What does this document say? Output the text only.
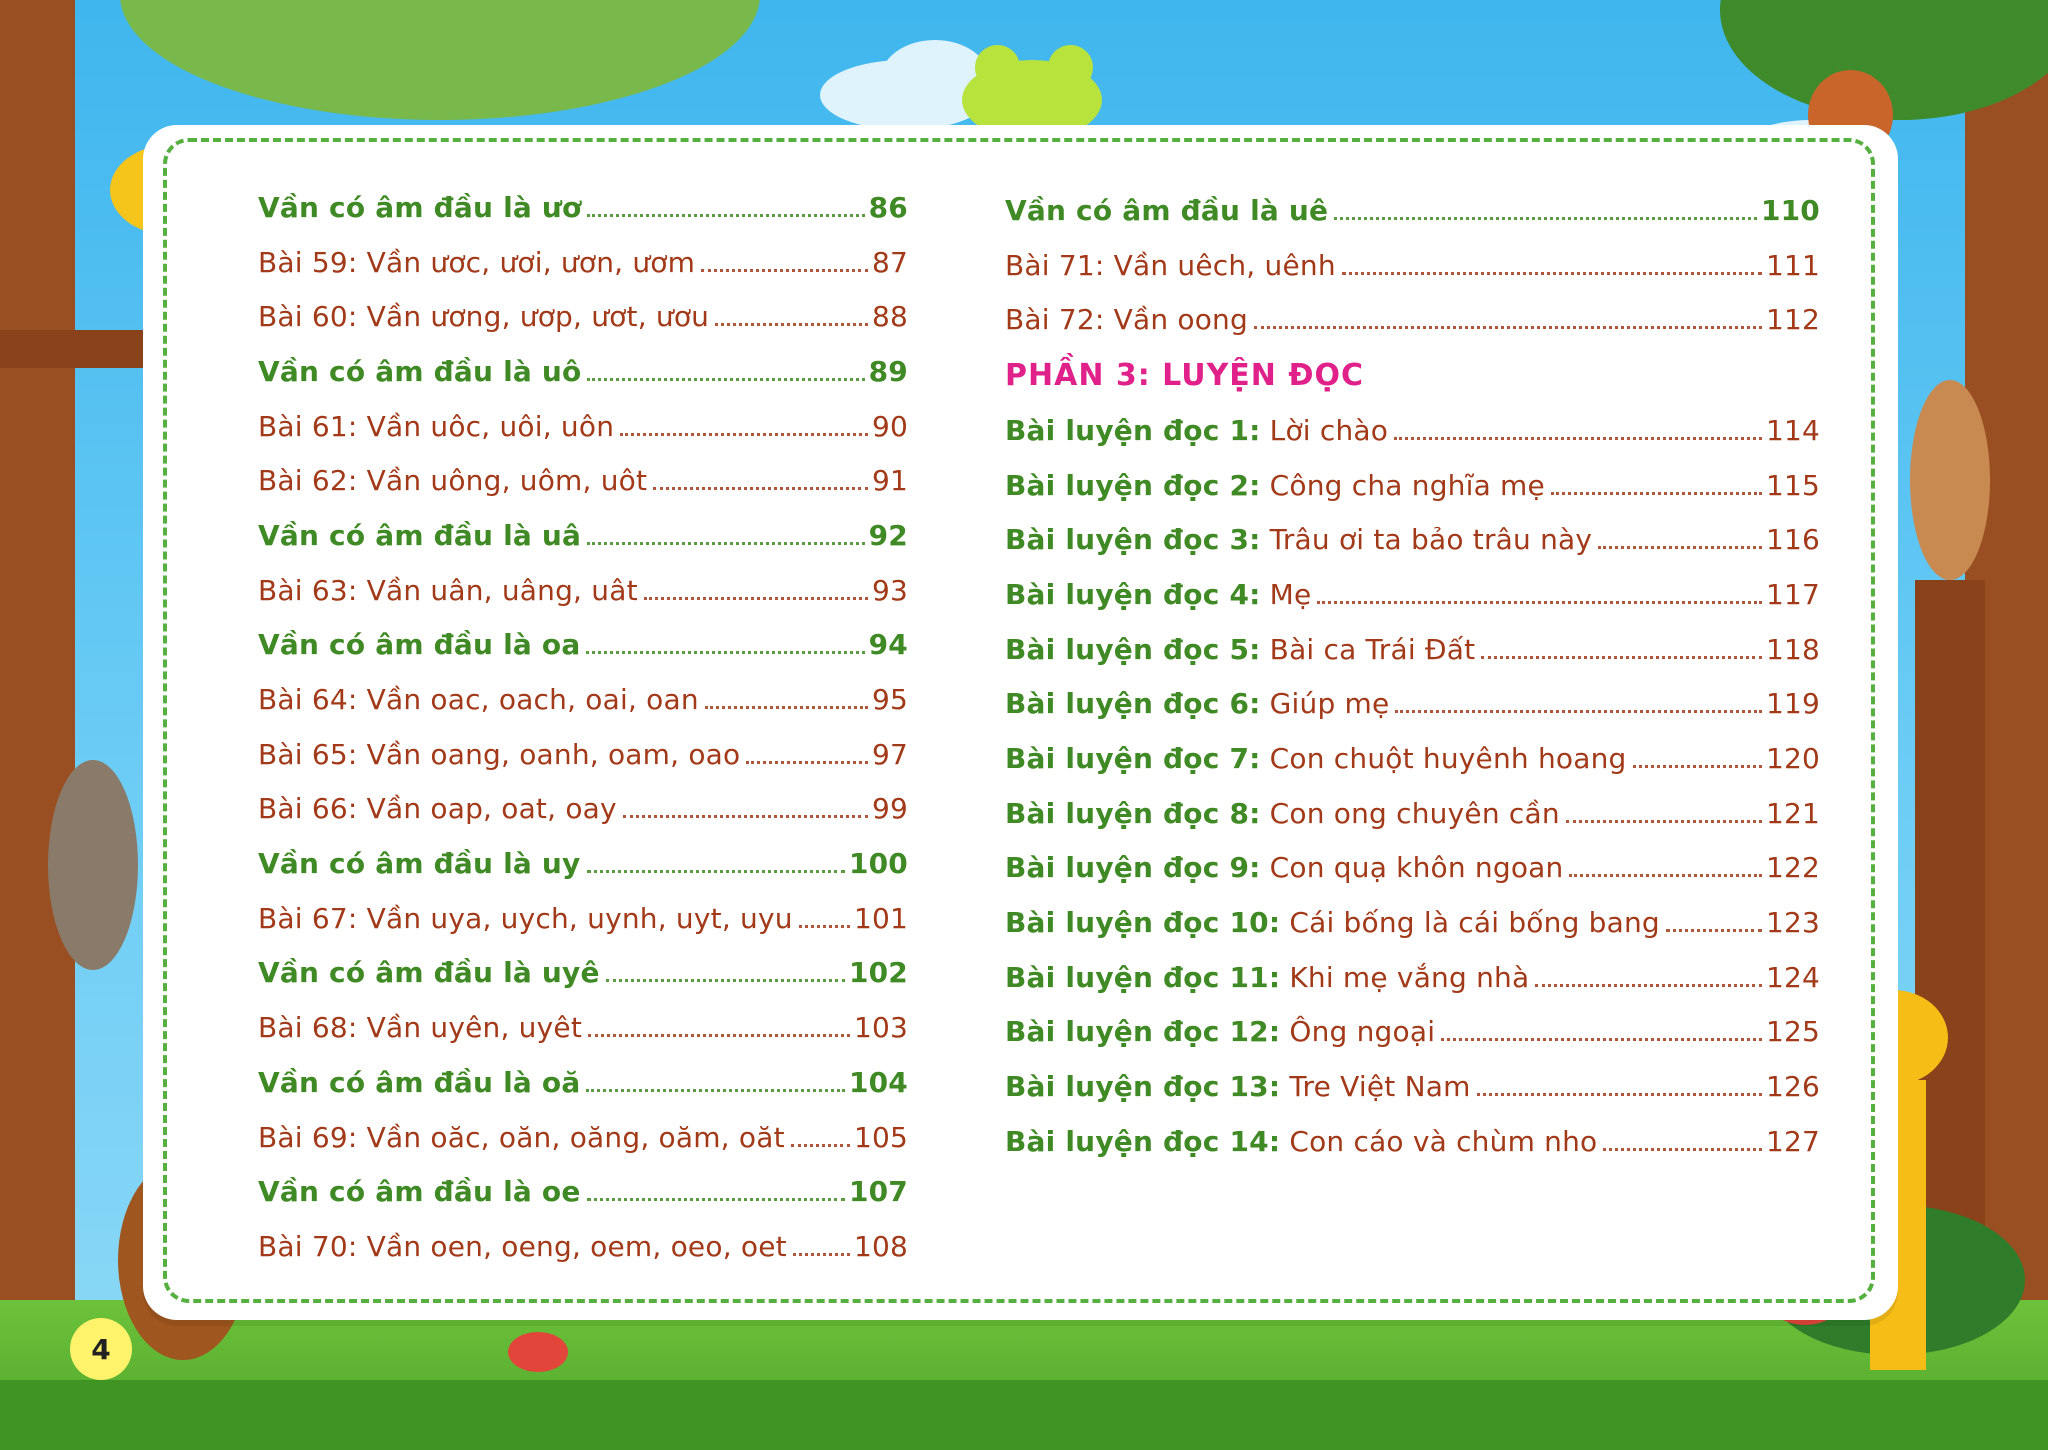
Vần có âm đầu là ươ	86
Bài 59: Vần ươc, ươi, ươn, ươm	87
Bài 60: Vần ương, ươp, ươt, ươu	88
Vần có âm đầu là uô	89
Bài 61: Vần uôc, uôi, uôn	90
Bài 62: Vần uông, uôm, uôt	91
Vần có âm đầu là uâ	92
Bài 63: Vần uân, uâng, uât	93
Vần có âm đầu là oa	94
Bài 64: Vần oac, oach, oai, oan	95
Bài 65: Vần oang, oanh, oam, oao	97
Bài 66: Vần oap, oat, oay	99
Vần có âm đầu là uy	100
Bài 67: Vần uya, uych, uynh, uyt, uyu 101
Vần có âm đầu là uyê	102
Bài 68: Vần uyên, uyêt	103
Vần có âm đầu là oă	104
Bài 69: Vần oăc, oăn, oăng, oăm, oăt 105
Vần có âm đầu là oe	107
Bài 70: Vần oen, oeng, oem, oeo, oet 108
Vần có âm đầu là uê	110
Bài 71: Vần uêch, uênh	111
Bài 72: Vần oong	112
PHẦN 3: LUYỆN ĐỌC
Bài luyện đọc 1: Lời chào	114
Bài luyện đọc 2: Công cha nghĩa mẹ	115
Bài luyện đọc 3: Trâu ơi ta bảo trâu này	116
Bài luyện đọc 4: Mẹ	117
Bài luyện đọc 5: Bài ca Trái Đất	118
Bài luyện đọc 6: Giúp mẹ	119
Bài luyện đọc 7: Con chuột huyênh hoang	120
Bài luyện đọc 8: Con ong chuyên cần	121
Bài luyện đọc 9: Con quạ khôn ngoan	122
Bài luyện đọc 10: Cái bống là cái bống bang	123
Bài luyện đọc 11: Khi mẹ vắng nhà	124
Bài luyện đọc 12: Ông ngoại	125
Bài luyện đọc 13: Tre Việt Nam	126
Bài luyện đọc 14: Con cáo và chùm nho	127
4
